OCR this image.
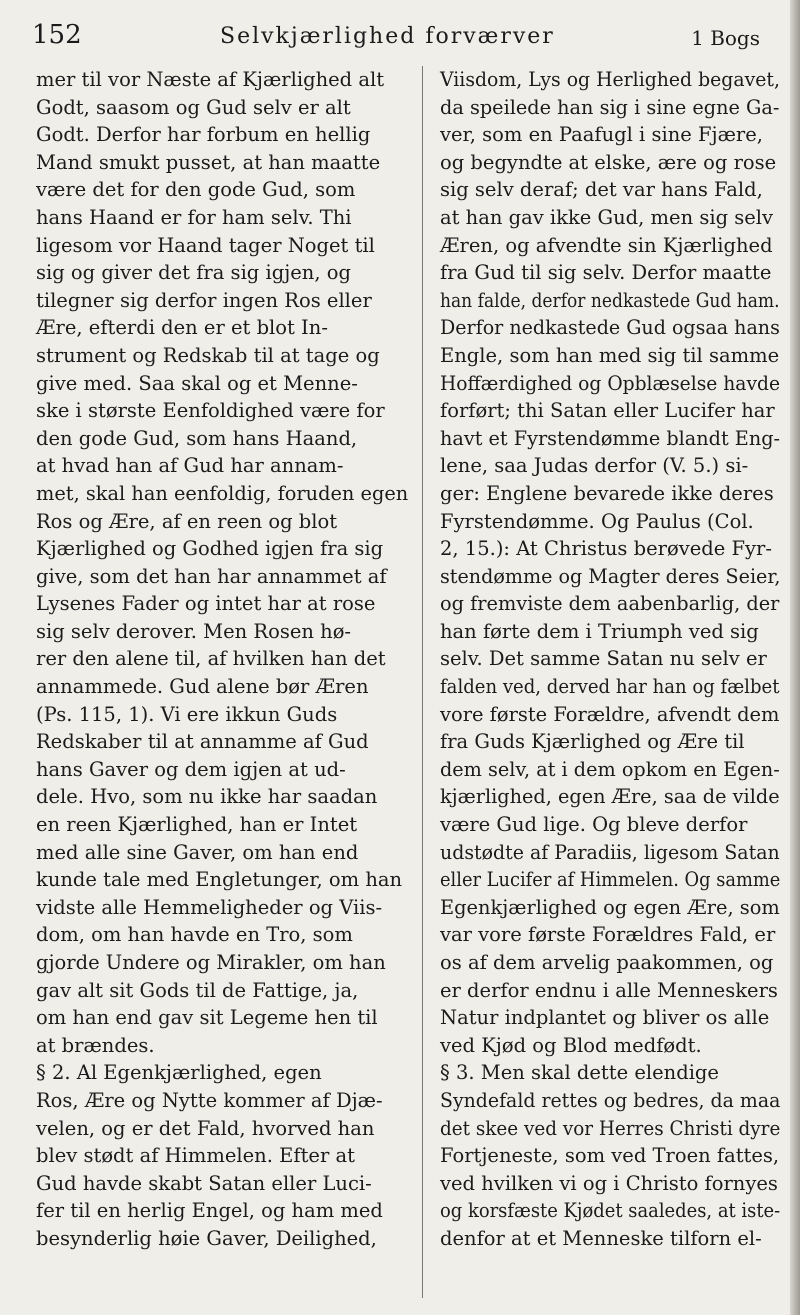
152	Selvkjærlighed forværver	1 Bogs
mer til vor Næste af Kjærlighed alt
Godt, saasom og Gud selv er alt
Godt. Derfor har forbum en hellig
Mand smukt pusset, at han maatte
være det for den gode Gud, som
hans Haand er for ham selv. Thi
ligesom vor Haand tager Noget til
sig og giver det fra sig igjen, og
tilegner sig derfor ingen Ros eller
Ære, efterdi den er et blot In-
strument og Redskab til at tage og
give med. Saa skal og et Menne-
ske i største Eenfoldighed være for
den gode Gud, som hans Haand,
at hvad han af Gud har annam-
met, skal han eenfoldig, foruden egen
Ros og Ære, af en reen og blot
Kjærlighed og Godhed igjen fra sig
give, som det han har annammet af
Lysenes Fader og intet har at rose
sig selv derover. Men Rosen hø-
rer den alene til, af hvilken han det
annammede. Gud alene bør Æren
(Ps. 115, 1). Vi ere ikkun Guds
Redskaber til at annamme af Gud
hans Gaver og dem igjen at ud-
dele. Hvo, som nu ikke har saadan
en reen Kjærlighed, han er Intet
med alle sine Gaver, om han end
kunde tale med Engletunger, om han
vidste alle Hemmeligheder og Viis-
dom, om han havde en Tro, som
gjorde Undere og Mirakler, om han
gav alt sit Gods til de Fattige, ja,
om han end gav sit Legeme hen til
at brændes.
§ 2. Al Egenkjærlighed, egen
Ros, Ære og Nytte kommer af Djæ-
velen, og er det Fald, hvorved han
blev stødt af Himmelen. Efter at
Gud havde skabt Satan eller Luci-
fer til en herlig Engel, og ham med
besynderlig høie Gaver, Deilighed,
Viisdom, Lys og Herlighed begavet,
da speilede han sig i sine egne Ga-
ver, som en Paafugl i sine Fjære,
og begyndte at elske, ære og rose
sig selv deraf; det var hans Fald,
at han gav ikke Gud, men sig selv
Æren, og afvendte sin Kjærlighed
fra Gud til sig selv. Derfor maatte
han falde, derfor nedkastede Gud ham.
Derfor nedkastede Gud ogsaa hans
Engle, som han med sig til samme
Hoffærdighed og Opblæselse havde
forført; thi Satan eller Lucifer har
havt et Fyrstendømme blandt Eng-
lene, saa Judas derfor (V. 5.) si-
ger: Englene bevarede ikke deres
Fyrstendømme. Og Paulus (Col.
2, 15.): At Christus berøvede Fyr-
stendømme og Magter deres Seier,
og fremviste dem aabenbarlig, der
han førte dem i Triumph ved sig
selv. Det samme Satan nu selv er
falden ved, derved har han og fælbet
vore første Forældre, afvendt dem
fra Guds Kjærlighed og Ære til
dem selv, at i dem opkom en Egen-
kjærlighed, egen Ære, saa de vilde
være Gud lige. Og bleve derfor
udstødte af Paradiis, ligesom Satan
eller Lucifer af Himmelen. Og samme
Egenkjærlighed og egen Ære, som
var vore første Forældres Fald, er
os af dem arvelig paakommen, og
er derfor endnu i alle Menneskers
Natur indplantet og bliver os alle
ved Kjød og Blod medfødt.
§ 3. Men skal dette elendige
Syndefald rettes og bedres, da maa
det skee ved vor Herres Christi dyre
Fortjeneste, som ved Troen fattes,
ved hvilken vi og i Christo fornyes
og korsfæste Kjødet saaledes, at iste-
denfor at et Menneske tilforn el-
